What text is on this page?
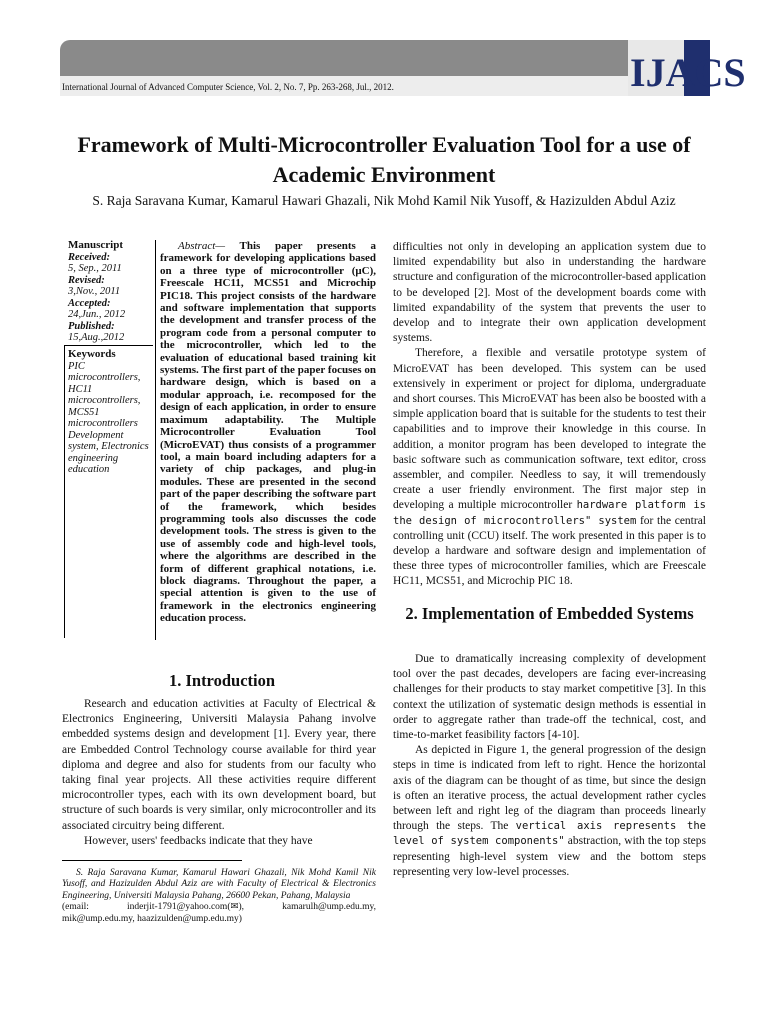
International Journal of Advanced Computer Science, Vol. 2, No. 7, Pp. 263-268, Jul., 2012.	IJACS
Framework of Multi-Microcontroller Evaluation Tool for a use of Academic Environment
S. Raja Saravana Kumar, Kamarul Hawari Ghazali, Nik Mohd Kamil Nik Yusoff, & Hazizulden Abdul Aziz
Manuscript
Received:
5, Sep., 2011
Revised:
3,Nov., 2011
Accepted:
24,Jun., 2012
Published:
15,Aug.,2012
Keywords
PIC microcontrollers, HC11 microcontrollers, MCS51 microcontrollers Development system, Electronics engineering education
Abstract— This paper presents a framework for developing applications based on a three type of microcontroller (μC), Freescale HC11, MCS51 and Microchip PIC18. This project consists of the hardware and software implementation that supports the development and transfer process of the program code from a personal computer to the microcontroller, which led to the evaluation of educational based training kit systems. The first part of the paper focuses on hardware design, which is based on a modular approach, i.e. recomposed for the design of each application, in order to ensure maximum adaptability. The Multiple Microcontroller Evaluation Tool (MicroEVAT) thus consists of a programmer tool, a main board including adapters for a variety of chip packages, and plug-in modules. These are presented in the second part of the paper describing the software part of the framework, which besides programming tools also discusses the code development tools. The stress is given to the use of assembly code and high-level tools, where the algorithms are described in the form of different graphical notations, i.e. block diagrams. Throughout the paper, a special attention is given to the use of framework in the electronics engineering education process.
1. Introduction

Research and education activities at Faculty of Electrical & Electronics Engineering, Universiti Malaysia Pahang involve embedded systems design and development [1]. Every year, there are Embedded Control Technology course available for third year diploma and degree and also for students from our faculty who taking final year projects. All these activities require different microcontroller types, each with its own development board, but structure of such boards is very similar, only microcontroller and its associated circuitry being different.

However, users' feedbacks indicate that they have

S. Raja Saravana Kumar, Kamarul Hawari Ghazali, Nik Mohd Kamil Nik Yusoff, and Hazizulden Abdul Aziz are with Faculty of Electrical & Electronics Engineering, Universiti Malaysia Pahang, 26600 Pekan, Pahang, Malaysia
(email: inderjit-1791@yahoo.com(✉), kamarulh@ump.edu.my, mik@ump.edu.my, haazizulden@ump.edu.my)

difficulties not only in developing an application system due to limited expendability but also in understanding the hardware structure and configuration of the microcontroller-based application to be developed [2]. Most of the development boards come with limited expandability of the system that prevents the user to develop and to integrate their own application development systems.

Therefore, a flexible and versatile prototype system of MicroEVAT has been developed. This system can be used extensively in experiment or project for diploma, undergraduate and short courses. This MicroEVAT has been also be boosted with a simple application board that is suitable for the students to test their capabilities and to improve their knowledge in this course. In addition, a monitor program has been developed to integrate the basic software such as communication software, text editor, cross assembler, and compiler. Needless to say, it will tremendously create a user friendly environment. The first major step in developing a multiple microcontroller hardware platform is the design of microcontrollers" system for the central controlling unit (CCU) itself. The work presented in this paper is to develop a hardware and software design and implementation of these three types of microcontroller families, which are Freescale HC11, MCS51, and Microchip PIC 18.

2. Implementation of Embedded Systems

Due to dramatically increasing complexity of development tool over the past decades, developers are facing ever-increasing challenges for their products to stay market competitive [3]. In this context the utilization of systematic design methods is essential in order to aggregate rather than trade-off the technical, cost, and time-to-market feasibility factors [4-10].

As depicted in Figure 1, the general progression of the design steps in time is indicated from left to right. Hence the horizontal axis of the diagram can be thought of as time, but since the design is often an iterative process, the actual development rather cycles between left and right leg of the diagram than proceeds linearly through the steps. The vertical axis represents the level of system components" abstraction, with the top steps representing high-level system view and the bottom steps representing very low-level processes.
